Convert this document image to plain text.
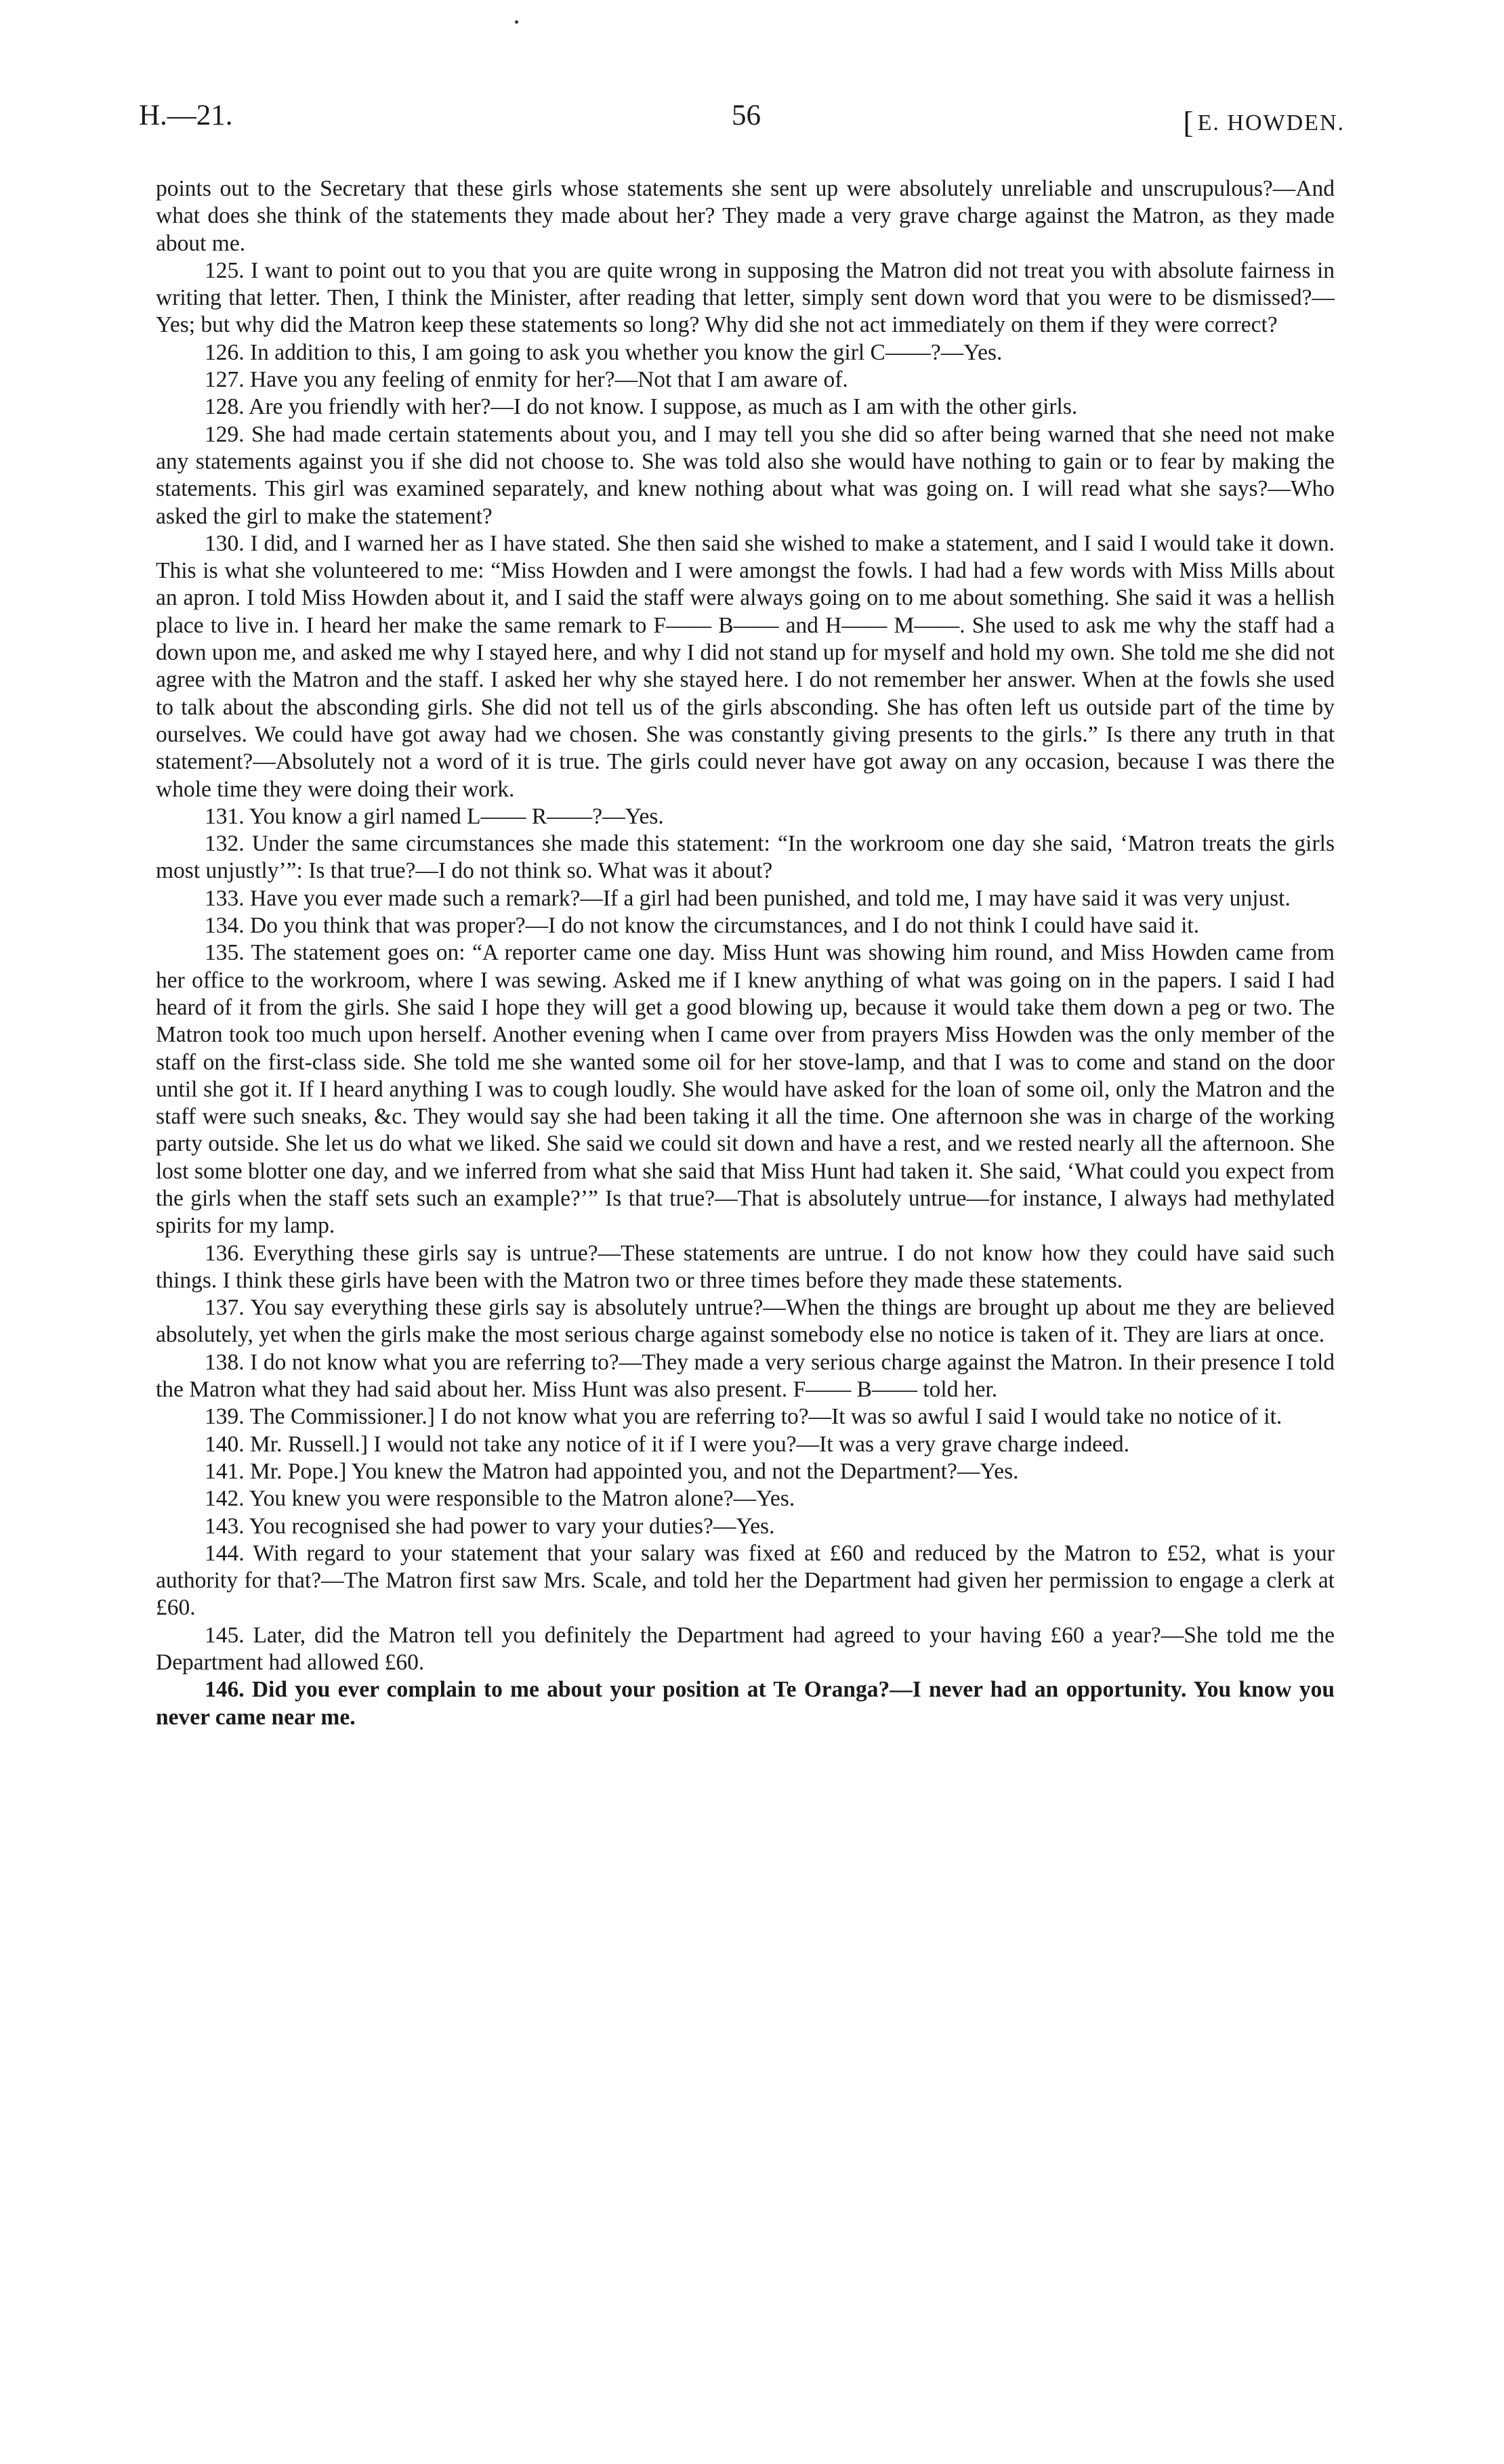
H.—21.	56	[ E. HOWDEN.

points out to the Secretary that these girls whose statements she sent up were absolutely unreliable and unscrupulous?—And what does she think of the statements they made about her? They made a very grave charge against the Matron, as they made about me.

125. I want to point out to you that you are quite wrong in supposing the Matron did not treat you with absolute fairness in writing that letter. Then, I think the Minister, after reading that letter, simply sent down word that you were to be dismissed?—Yes; but why did the Matron keep these statements so long? Why did she not act immediately on them if they were correct?

126. In addition to this, I am going to ask you whether you know the girl C——?—Yes.

127. Have you any feeling of enmity for her?—Not that I am aware of.

128. Are you friendly with her?—I do not know. I suppose, as much as I am with the other girls.

129. She had made certain statements about you, and I may tell you she did so after being warned that she need not make any statements against you if she did not choose to. She was told also she would have nothing to gain or to fear by making the statements. This girl was examined separately, and knew nothing about what was going on. I will read what she says?—Who asked the girl to make the statement?

130. I did, and I warned her as I have stated. She then said she wished to make a statement, and I said I would take it down. This is what she volunteered to me: “Miss Howden and I were amongst the fowls. I had had a few words with Miss Mills about an apron. I told Miss Howden about it, and I said the staff were always going on to me about something. She said it was a hellish place to live in. I heard her make the same remark to F—— B—— and H—— M——. She used to ask me why the staff had a down upon me, and asked me why I stayed here, and why I did not stand up for myself and hold my own. She told me she did not agree with the Matron and the staff. I asked her why she stayed here. I do not remember her answer. When at the fowls she used to talk about the absconding girls. She did not tell us of the girls absconding. She has often left us outside part of the time by ourselves. We could have got away had we chosen. She was constantly giving presents to the girls.” Is there any truth in that statement?—Absolutely not a word of it is true. The girls could never have got away on any occasion, because I was there the whole time they were doing their work.

131. You know a girl named L—— R——?—Yes.

132. Under the same circumstances she made this statement: “In the workroom one day she said, ‘Matron treats the girls most unjustly’”: Is that true?—I do not think so. What was it about?

133. Have you ever made such a remark?—If a girl had been punished, and told me, I may have said it was very unjust.

134. Do you think that was proper?—I do not know the circumstances, and I do not think I could have said it.

135. The statement goes on: “A reporter came one day. Miss Hunt was showing him round, and Miss Howden came from her office to the workroom, where I was sewing. Asked me if I knew anything of what was going on in the papers. I said I had heard of it from the girls. She said I hope they will get a good blowing up, because it would take them down a peg or two. The Matron took too much upon herself. Another evening when I came over from prayers Miss Howden was the only member of the staff on the first-class side. She told me she wanted some oil for her stove-lamp, and that I was to come and stand on the door until she got it. If I heard anything I was to cough loudly. She would have asked for the loan of some oil, only the Matron and the staff were such sneaks, &c. They would say she had been taking it all the time. One afternoon she was in charge of the working party outside. She let us do what we liked. She said we could sit down and have a rest, and we rested nearly all the afternoon. She lost some blotter one day, and we inferred from what she said that Miss Hunt had taken it. She said, ‘What could you expect from the girls when the staff sets such an example?’” Is that true?—That is absolutely untrue—for instance, I always had methylated spirits for my lamp.

136. Everything these girls say is untrue?—These statements are untrue. I do not know how they could have said such things. I think these girls have been with the Matron two or three times before they made these statements.

137. You say everything these girls say is absolutely untrue?—When the things are brought up about me they are believed absolutely, yet when the girls make the most serious charge against somebody else no notice is taken of it. They are liars at once.

138. I do not know what you are referring to?—They made a very serious charge against the Matron. In their presence I told the Matron what they had said about her. Miss Hunt was also present. F—— B—— told her.

139. The Commissioner.] I do not know what you are referring to?—It was so awful I said I would take no notice of it.

140. Mr. Russell.] I would not take any notice of it if I were you?—It was a very grave charge indeed.

141. Mr. Pope.] You knew the Matron had appointed you, and not the Department?—Yes.

142. You knew you were responsible to the Matron alone?—Yes.

143. You recognised she had power to vary your duties?—Yes.

144. With regard to your statement that your salary was fixed at £60 and reduced by the Matron to £52, what is your authority for that?—The Matron first saw Mrs. Scale, and told her the Department had given her permission to engage a clerk at £60.

145. Later, did the Matron tell you definitely the Department had agreed to your having £60 a year?—She told me the Department had allowed £60.

146. Did you ever complain to me about your position at Te Oranga?—I never had an opportunity. You know you never came near me.
